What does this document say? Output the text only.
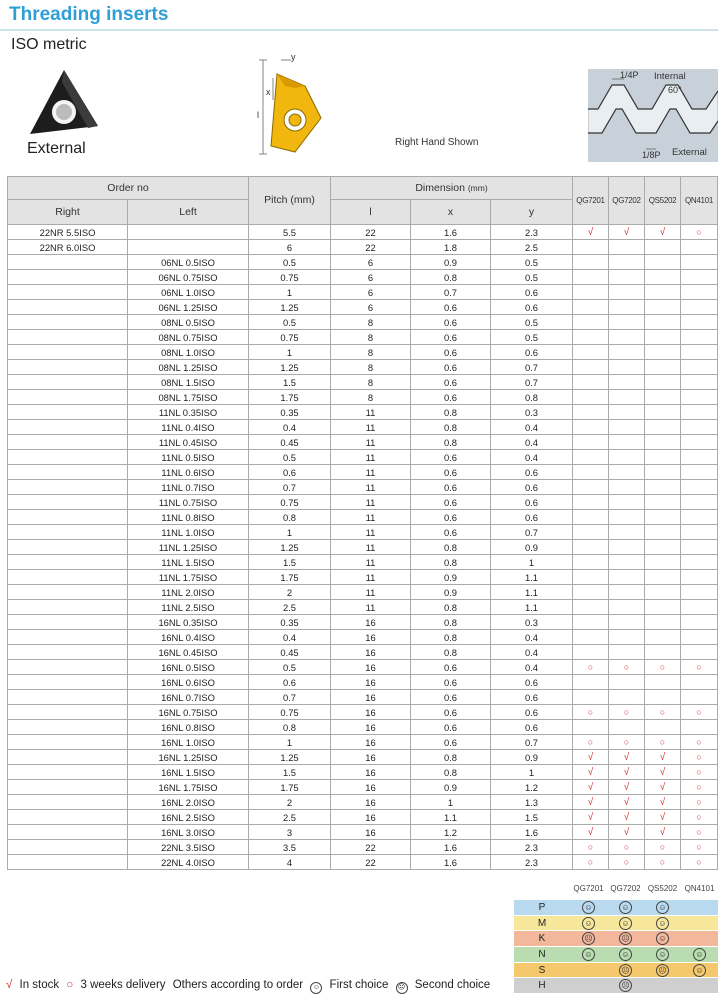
Threading inserts
ISO metric
External
y
x
l
Right Hand Shown
1/4P Internal
60°
1/8P External
Order no		Pitch (mm)	Dimension (mm)			QG7201	QG7202	QS5202	QN4101
Right	Left		l	x	y				
22NR 5.5ISO		5.5	22	1.6	2.3	√	√	√	○
22NR 6.0ISO		6	22	1.8	2.5				
	06NL 0.5ISO	0.5	6	0.9	0.5				
	06NL 0.75ISO	0.75	6	0.8	0.5				
	06NL 1.0ISO	1	6	0.7	0.6				
	06NL 1.25ISO	1.25	6	0.6	0.6				
	08NL 0.5ISO	0.5	8	0.6	0.5				
	08NL 0.75ISO	0.75	8	0.6	0.5				
	08NL 1.0ISO	1	8	0.6	0.6				
	08NL 1.25ISO	1.25	8	0.6	0.7				
	08NL 1.5ISO	1.5	8	0.6	0.7				
	08NL 1.75ISO	1.75	8	0.6	0.8				
	11NL 0.35ISO	0.35	11	0.8	0.3				
	11NL 0.4ISO	0.4	11	0.8	0.4				
	11NL 0.45ISO	0.45	11	0.8	0.4				
	11NL 0.5ISO	0.5	11	0.6	0.4				
	11NL 0.6ISO	0.6	11	0.6	0.6				
	11NL 0.7ISO	0.7	11	0.6	0.6				
	11NL 0.75ISO	0.75	11	0.6	0.6				
	11NL 0.8ISO	0.8	11	0.6	0.6				
	11NL 1.0ISO	1	11	0.6	0.7				
	11NL 1.25ISO	1.25	11	0.8	0.9				
	11NL 1.5ISO	1.5	11	0.8	1				
	11NL 1.75ISO	1.75	11	0.9	1.1				
	11NL 2.0ISO	2	11	0.9	1.1				
	11NL 2.5ISO	2.5	11	0.8	1.1				
	16NL 0.35ISO	0.35	16	0.8	0.3				
	16NL 0.4ISO	0.4	16	0.8	0.4				
	16NL 0.45ISO	0.45	16	0.8	0.4				
	16NL 0.5ISO	0.5	16	0.6	0.4	○	○	○	○
	16NL 0.6ISO	0.6	16	0.6	0.6				
	16NL 0.7ISO	0.7	16	0.6	0.6				
	16NL 0.75ISO	0.75	16	0.6	0.6	○	○	○	○
	16NL 0.8ISO	0.8	16	0.6	0.6				
	16NL 1.0ISO	1	16	0.6	0.7	○	○	○	○
	16NL 1.25ISO	1.25	16	0.8	0.9	√	√	√	○
	16NL 1.5ISO	1.5	16	0.8	1	√	√	√	○
	16NL 1.75ISO	1.75	16	0.9	1.2	√	√	√	○
	16NL 2.0ISO	2	16	1	1.3	√	√	√	○
	16NL 2.5ISO	2.5	16	1.1	1.5	√	√	√	○
	16NL 3.0ISO	3	16	1.2	1.6	√	√	√	○
	22NL 3.5ISO	3.5	22	1.6	2.3	○	○	○	○
	22NL 4.0ISO	4	22	1.6	2.3	○	○	○	○
QG7201 QG7202 QS5202 QN4101
P	☺	☺	☺	
M	☺	☺	☺	
K	☹	☹	☺	
N	☺	☺	☺	☺
S		☹	☹	☺
H		☹		
√ In stock ○ 3 weeks delivery Others according to order ☺ First choice ☹ Second choice
